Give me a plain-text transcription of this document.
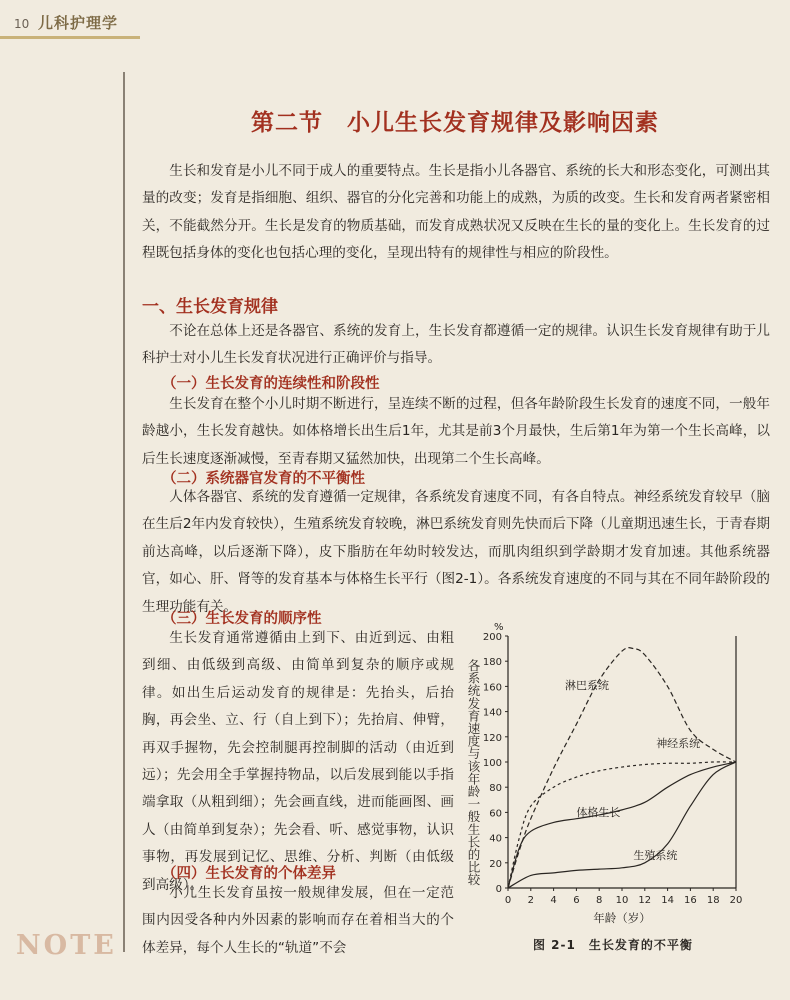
10 儿科护理学
NOTE
第二节　小儿生长发育规律及影响因素

生长和发育是小儿不同于成人的重要特点。生长是指小儿各器官、系统的长大和形态变化，可测出其量的改变；发育是指细胞、组织、器官的分化完善和功能上的成熟，为质的改变。生长和发育两者紧密相关，不能截然分开。生长是发育的物质基础，而发育成熟状况又反映在生长的量的变化上。生长发育的过程既包括身体的变化也包括心理的变化，呈现出特有的规律性与相应的阶段性。

一、生长发育规律

不论在总体上还是各器官、系统的发育上，生长发育都遵循一定的规律。认识生长发育规律有助于儿科护士对小儿生长发育状况进行正确评价与指导。

（一）生长发育的连续性和阶段性

生长发育在整个小儿时期不断进行，呈连续不断的过程，但各年龄阶段生长发育的速度不同，一般年龄越小，生长发育越快。如体格增长出生后1年，尤其是前3个月最快，生后第1年为第一个生长高峰，以后生长速度逐渐减慢，至青春期又猛然加快，出现第二个生长高峰。

（二）系统器官发育的不平衡性

人体各器官、系统的发育遵循一定规律，各系统发育速度不同，有各自特点。神经系统发育较早（脑在生后2年内发育较快），生殖系统发育较晚，淋巴系统发育则先快而后下降（儿童期迅速生长，于青春期前达高峰，以后逐渐下降），皮下脂肪在年幼时较发达，而肌肉组织到学龄期才发育加速。其他系统器官，如心、肝、肾等的发育基本与体格生长平行（图2-1）。各系统发育速度的不同与其在不同年龄阶段的生理功能有关。

（三）生长发育的顺序性

生长发育通常遵循由上到下、由近到远、由粗到细、由低级到高级、由简单到复杂的顺序或规律。如出生后运动发育的规律是：先抬头，后抬胸，再会坐、立、行（自上到下）；先抬肩、伸臂，再双手握物，先会控制腿再控制脚的活动（由近到远）；先会用全手掌握持物品，以后发展到能以手指端拿取（从粗到细）；先会画直线，进而能画图、画人（由简单到复杂）；先会看、听、感觉事物，认识事物，再发展到记忆、思维、分析、判断（由低级到高级）。

（四）生长发育的个体差异

小儿生长发育虽按一般规律发展，但在一定范围内因受各种内外因素的影响而存在着相当大的个体差异，每个人生长的“轨道”不会

0
20
40
60
80
100
120
140
160
180
200
0 2 4 6 8 10 12 14 16 18 20
%
年龄（岁）
各系统发育速度与该年龄一般生长的比较
淋巴系统
神经系统
体格生长
生殖系统
图 2-1　生长发育的不平衡
